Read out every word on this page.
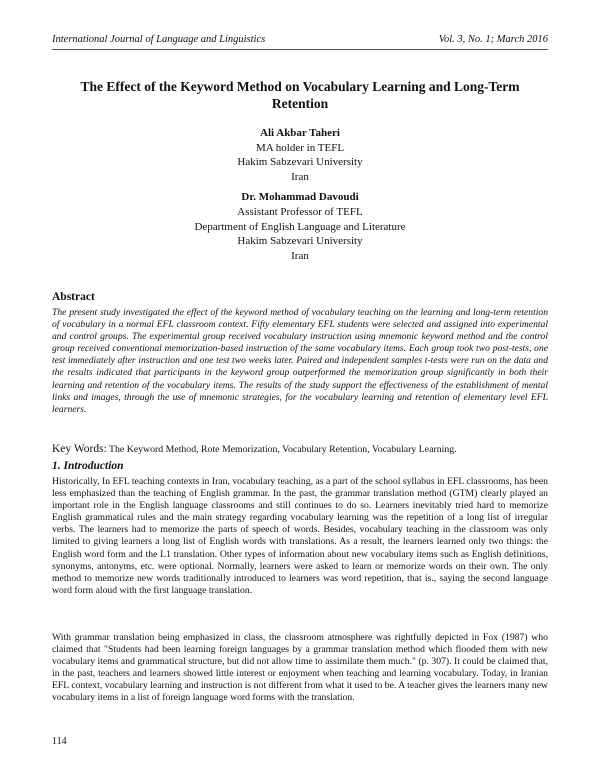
International Journal of Language and Linguistics	Vol. 3, No. 1; March 2016
The Effect of the Keyword Method on Vocabulary Learning and Long-Term Retention
Ali Akbar Taheri
MA holder in TEFL
Hakim Sabzevari University
Iran
Dr. Mohammad Davoudi
Assistant Professor of TEFL
Department of English Language and Literature
Hakim Sabzevari University
Iran
Abstract

The present study investigated the effect of the keyword method of vocabulary teaching on the learning and long-term retention of vocabulary in a normal EFL classroom context. Fifty elementary EFL students were selected and assigned into experimental and control groups. The experimental group received vocabulary instruction using mnemonic keyword method and the control group received conventional memorization-based instruction of the same vocabulary items. Each group took two post-tests, one test immediately after instruction and one test two weeks later. Paired and independent samples t-tests were run on the data and the results indicated that participants in the keyword group outperformed the memorization group significantly in both their learning and retention of the vocabulary items. The results of the study support the effectiveness of the establishment of mental links and images, through the use of mnemonic strategies, for the vocabulary learning and retention of elementary level EFL learners.

Key Words: The Keyword Method, Rote Memorization, Vocabulary Retention, Vocabulary Learning.
1. Introduction

Historically, In EFL teaching contexts in Iran, vocabulary teaching, as a part of the school syllabus in EFL classrooms, has been less emphasized than the teaching of English grammar. In the past, the grammar translation method (GTM) clearly played an important role in the English language classrooms and still continues to do so. Learners inevitably tried hard to memorize English grammatical rules and the main strategy regarding vocabulary learning was the repetition of a long list of irregular verbs. The learners had to memorize the parts of speech of words. Besides, vocabulary teaching in the classroom was only limited to giving learners a long list of English words with translations. As a result, the learners learned only two things: the English word form and the L1 translation. Other types of information about new vocabulary items such as English definitions, synonyms, antonyms, etc. were optional. Normally, learners were asked to learn or memorize words on their own. The only method to memorize new words traditionally introduced to learners was word repetition, that is., saying the second language word form aloud with the first language translation.

With grammar translation being emphasized in class, the classroom atmosphere was rightfully depicted in Fox (1987) who claimed that "Students had been learning foreign languages by a grammar translation method which flooded them with new vocabulary items and grammatical structure, but did not allow time to assimilate them much." (p. 307). It could be claimed that, in the past, teachers and learners showed little interest or enjoyment when teaching and learning vocabulary. Today, in Iranian EFL context, vocabulary learning and instruction is not different from what it used to be. A teacher gives the learners many new vocabulary items in a list of foreign language word forms with the translation.

114
